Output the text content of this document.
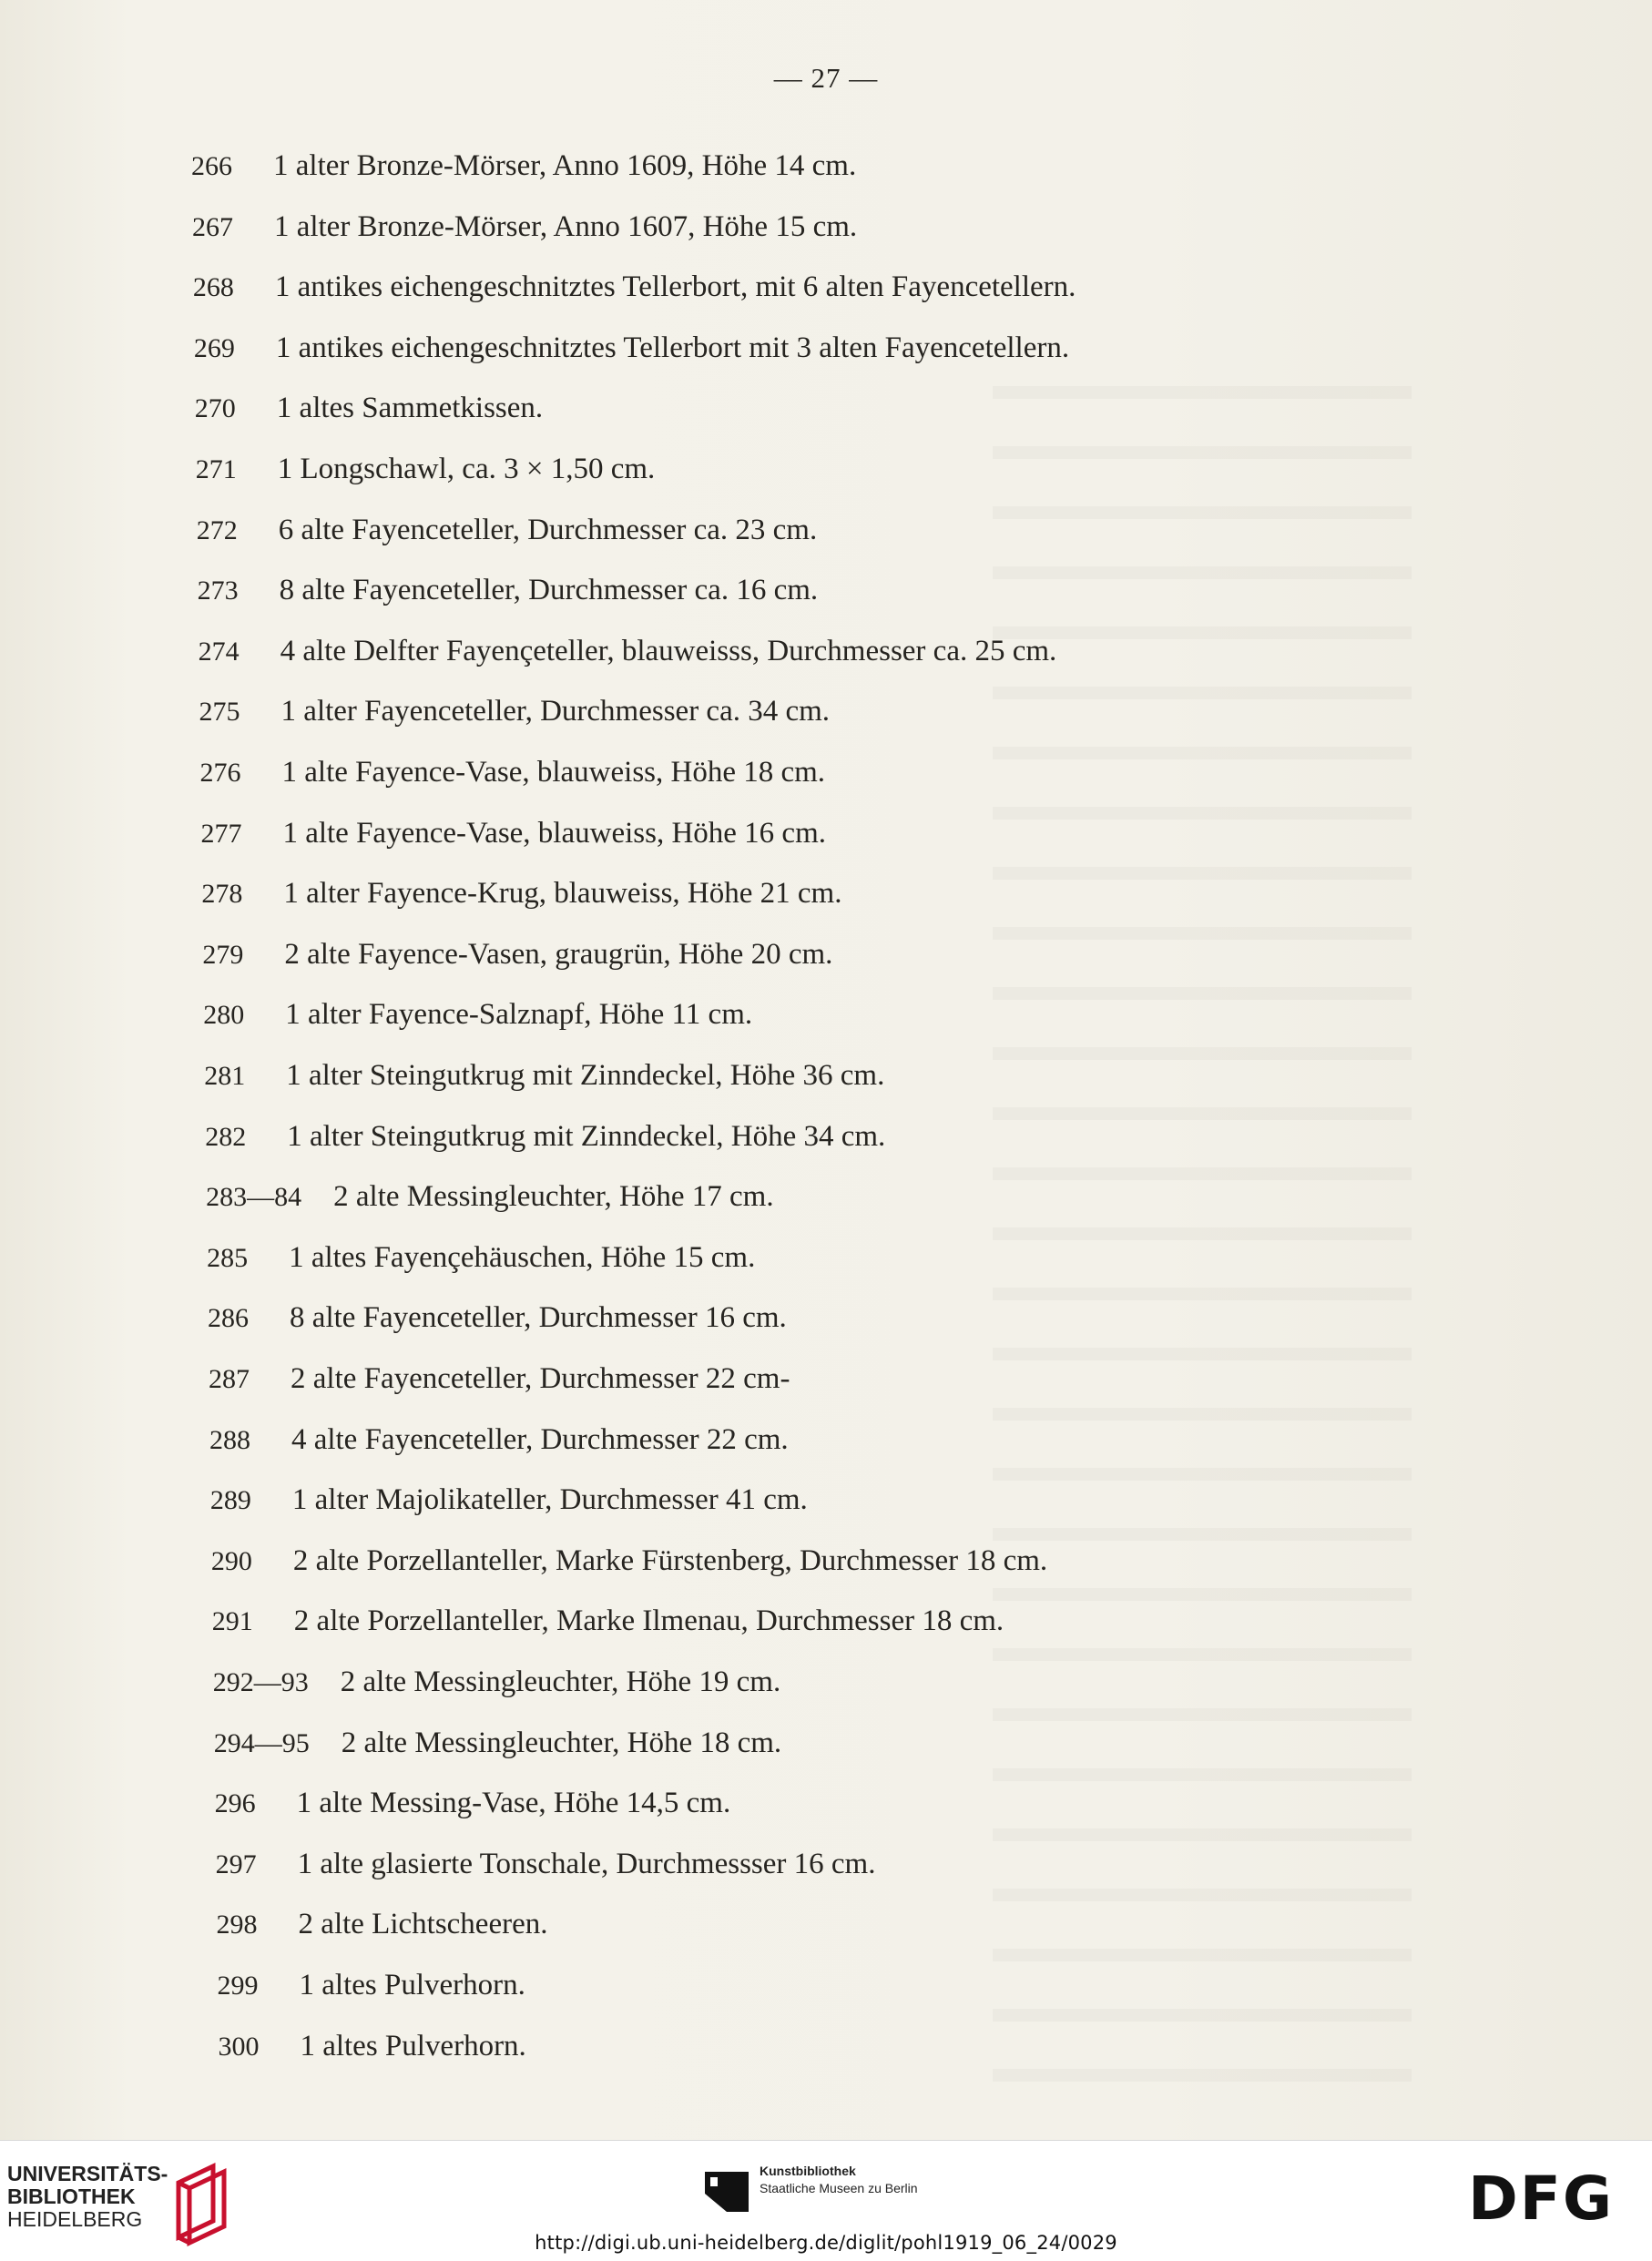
— 27 —
266 1 alter Bronze-Mörser, Anno 1609, Höhe 14 cm.
267 1 alter Bronze-Mörser, Anno 1607, Höhe 15 cm.
268 1 antikes eichengeschnitztes Tellerbort, mit 6 alten Fayencetellern.
269 1 antikes eichengeschnitztes Tellerbort mit 3 alten Fayencetellern.
270 1 altes Sammetkissen.
271 1 Longschawl, ca. 3 × 1,50 cm.
272 6 alte Fayenceteller, Durchmesser ca. 23 cm.
273 8 alte Fayenceteller, Durchmesser ca. 16 cm.
274 4 alte Delfter Fayençeteller, blauweisss, Durchmesser ca. 25 cm.
275 1 alter Fayenceteller, Durchmesser ca. 34 cm.
276 1 alte Fayence-Vase, blauweiss, Höhe 18 cm.
277 1 alte Fayence-Vase, blauweiss, Höhe 16 cm.
278 1 alter Fayence-Krug, blauweiss, Höhe 21 cm.
279 2 alte Fayence-Vasen, graugrün, Höhe 20 cm.
280 1 alter Fayence-Salznapf, Höhe 11 cm.
281 1 alter Steingutkrug mit Zinndeckel, Höhe 36 cm.
282 1 alter Steingutkrug mit Zinndeckel, Höhe 34 cm.
283—84 2 alte Messingleuchter, Höhe 17 cm.
285 1 altes Fayençehäuschen, Höhe 15 cm.
286 8 alte Fayenceteller, Durchmesser 16 cm.
287 2 alte Fayenceteller, Durchmesser 22 cm-
288 4 alte Fayenceteller, Durchmesser 22 cm.
289 1 alter Majolikateller, Durchmesser 41 cm.
290 2 alte Porzellanteller, Marke Fürstenberg, Durchmesser 18 cm.
291 2 alte Porzellanteller, Marke Ilmenau, Durchmesser 18 cm.
292—93 2 alte Messingleuchter, Höhe 19 cm.
294—95 2 alte Messingleuchter, Höhe 18 cm.
296 1 alte Messing-Vase, Höhe 14,5 cm.
297 1 alte glasierte Tonschale, Durchmessser 16 cm.
298 2 alte Lichtscheeren.
299 1 altes Pulverhorn.
300 1 altes Pulverhorn.
UNIVERSITÄTS-
BIBLIOTHEK
HEIDELBERG
Kunstbibliothek
Staatliche Museen zu Berlin	DFG
http://digi.ub.uni-heidelberg.de/diglit/pohl1919_06_24/0029
